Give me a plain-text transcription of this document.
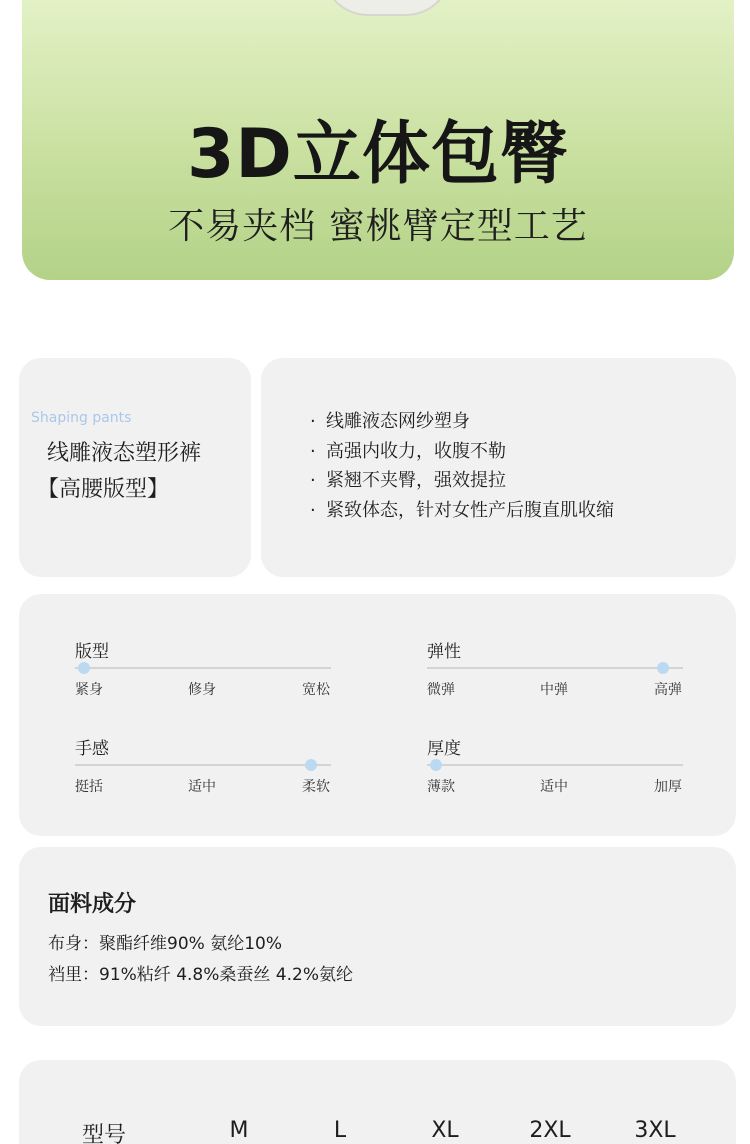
3D立体包臀
不易夹档 蜜桃臂定型工艺
Shaping pants
线雕液态塑形裤
【高腰版型】
· 线雕液态网纱塑身
· 高强内收力，收腹不勒
· 紧翘不夹臀，强效提拉
· 紧致体态，针对女性产后腹直肌收缩
版型
紧身	修身	宽松
弹性
微弹	中弹	高弹
手感
挺括	适中	柔软
厚度
薄款	适中	加厚
面料成分
布身：聚酯纤维90% 氨纶10%
裆里：91%粘纤 4.8%桑蚕丝 4.2%氨纶
型号	M	L	XL	2XL	3XL
